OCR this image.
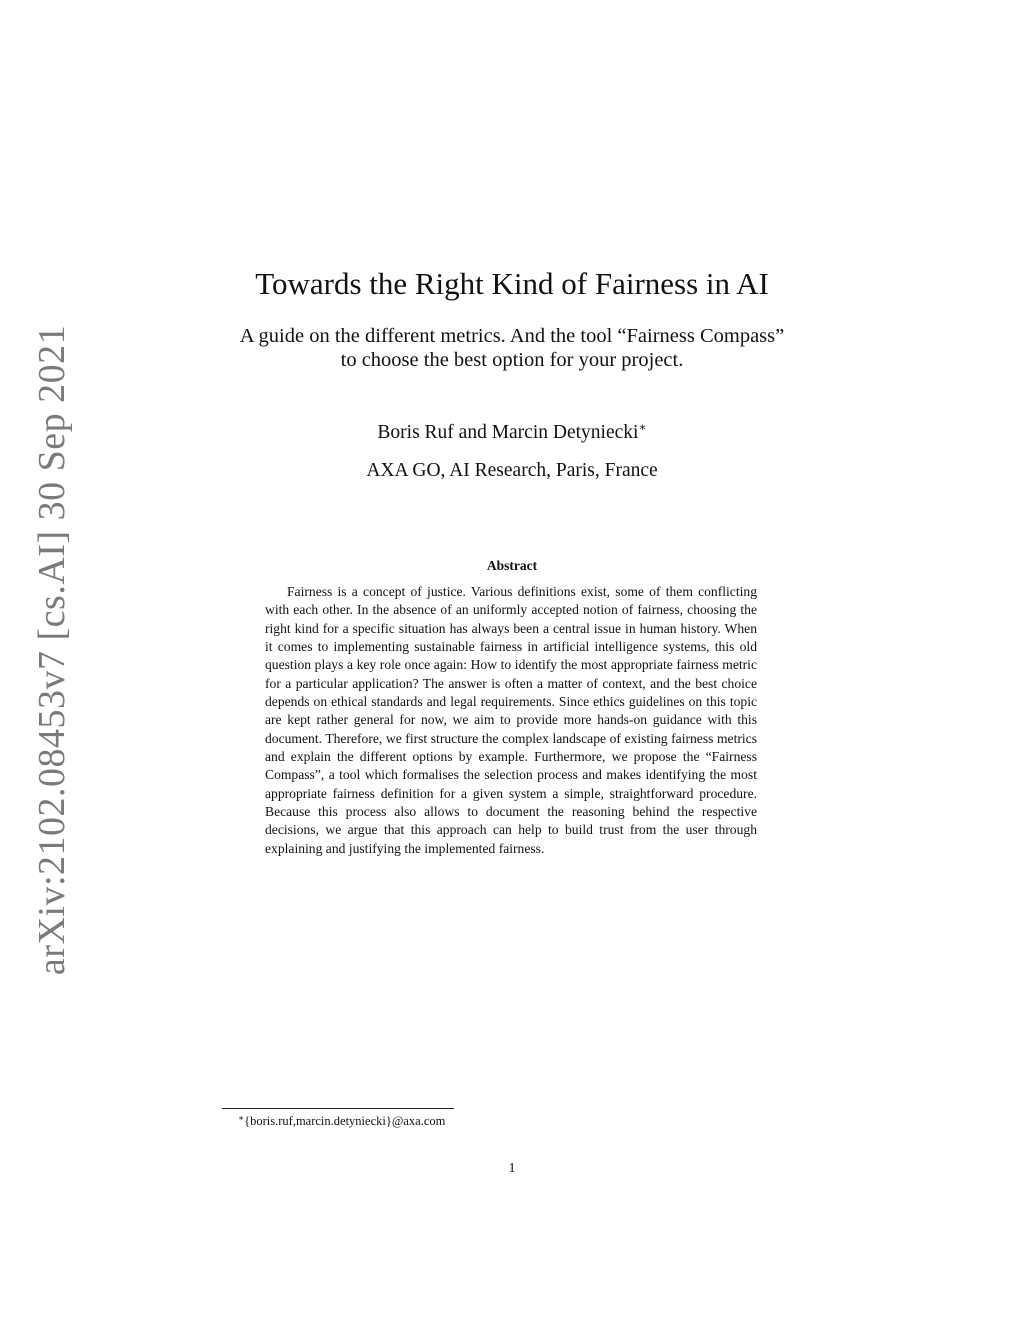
arXiv:2102.08453v7 [cs.AI] 30 Sep 2021
Towards the Right Kind of Fairness in AI
A guide on the different metrics. And the tool “Fairness Compass”
to choose the best option for your project.
Boris Ruf and Marcin Detyniecki∗
AXA GO, AI Research, Paris, France
Abstract

Fairness is a concept of justice. Various definitions exist, some of them conflicting with each other. In the absence of an uniformly accepted notion of fairness, choosing the right kind for a specific situation has always been a central issue in human history. When it comes to implementing sustainable fairness in artificial intelligence systems, this old question plays a key role once again: How to identify the most appropriate fairness metric for a particular application? The answer is often a matter of context, and the best choice depends on ethical standards and legal requirements. Since ethics guidelines on this topic are kept rather general for now, we aim to provide more hands-on guidance with this document. Therefore, we first structure the complex landscape of existing fairness metrics and explain the different options by example. Furthermore, we propose the “Fairness Compass”, a tool which formalises the selection process and makes identifying the most appropriate fairness definition for a given system a simple, straightforward procedure. Because this process also allows to document the reasoning behind the respective decisions, we argue that this approach can help to build trust from the user through explaining and justifying the implemented fairness.

∗{boris.ruf,marcin.detyniecki}@axa.com
1
